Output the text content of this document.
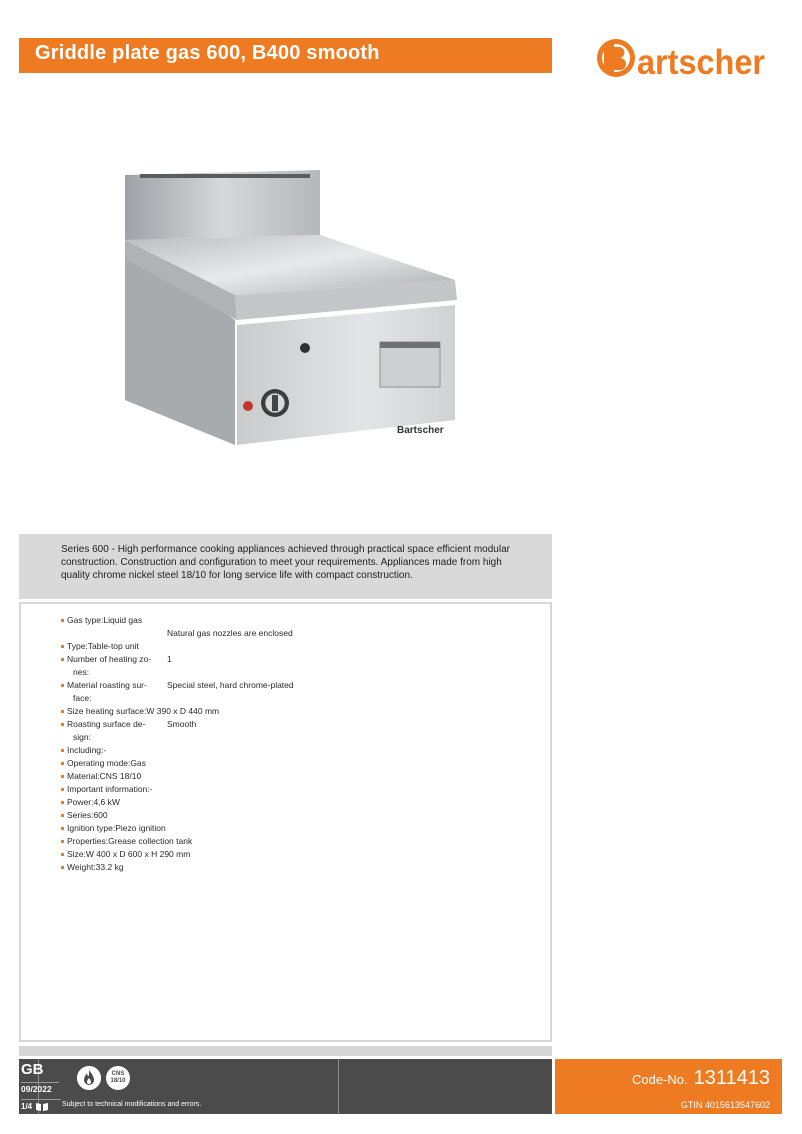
Griddle plate gas 600, B400 smooth	artscher
Bartscher

Series 600 - High performance cooking appliances achieved through practical space efficient modular construction. Construction and configuration to meet your requirements. Appliances made from high quality chrome nickel steel 18/10 for long service life with compact construction.

Gas type:Liquid gas
Natural gas nozzles are enclosed
Type:Table-top unit
Number of heating zo-	1
nes:
Material roasting sur-	Special steel, hard chrome-plated
face:
Size heating surface:W 390 x D 440 mm
Roasting surface de-	Smooth
sign:
Including:-
Operating mode:Gas
Material:CNS 18/10
Important information:-
Power:4,6 kW
Series:600
Ignition type:Piezo ignition
Properties:Grease collection tank
Size:W 400 x D 600 x H 290 mm
Weight:33.2 kg
GB
09/2022
1/4
CNS
18/10
Subject to technical modifications and errors.
Code-No. 1311413
GTIN 4015613547602
